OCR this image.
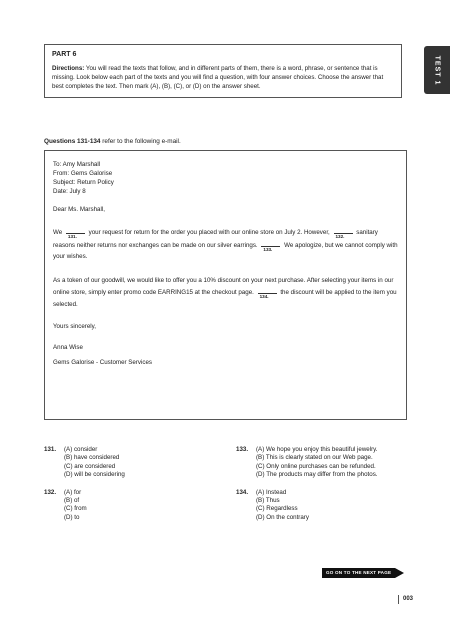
TEST 1
PART 6
Directions: You will read the texts that follow, and in different parts of them, there is a word, phrase, or sentence that is missing. Look below each part of the texts and you will find a question, with four answer choices. Choose the answer that best completes the text. Then mark (A), (B), (C), or (D) on the answer sheet.
Questions 131-134 refer to the following e-mail.
To: Amy Marshall
From: Gems Galorise
Subject: Return Policy
Date: July 8
Dear Ms. Marshall,
We
131.
your request for return for the order you placed with our online store on July 2. However,
132.
sanitary reasons neither returns nor exchanges can be made on our silver earrings.
133.
We apologize, but we cannot comply with your wishes.
As a token of our goodwill, we would like to offer you a 10% discount on your next purchase. After selecting your items in our online store, simply enter promo code EARRING15 at the checkout page.
134.
the discount will be applied to the item you selected.
Yours sincerely,
Anna Wise
Gems Galorise - Customer Services
131. (A) consider
(B) have considered
(C) are considered
(D) will be considering
132. (A) for
(B) of
(C) from
(D) to
133. (A) We hope you enjoy this beautiful jewelry.
(B) This is clearly stated on our Web page.
(C) Only online purchases can be refunded.
(D) The products may differ from the photos.
134. (A) Instead
(B) Thus
(C) Regardless
(D) On the contrary
GO ON TO THE NEXT PAGE
003
